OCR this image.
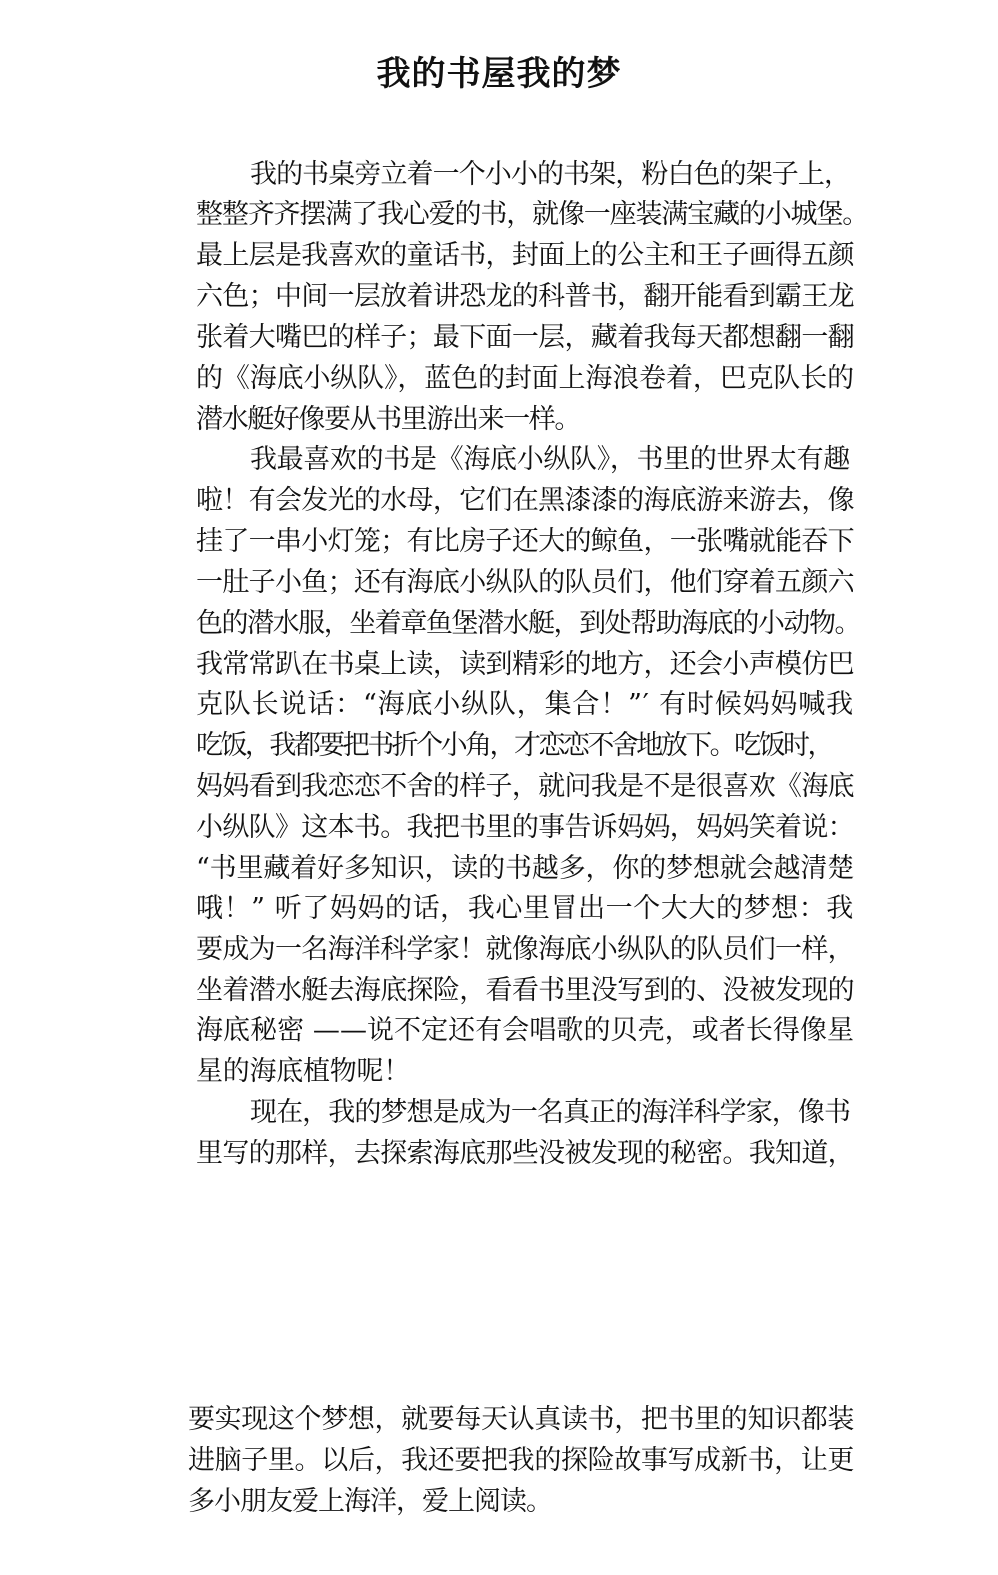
我的书屋我的梦
我的书桌旁立着一个小小的书架，粉白色的架子上，
整整齐齐摆满了我心爱的书，就像一座装满宝藏的小城堡。
最上层是我喜欢的童话书，封面上的公主和王子画得五颜
六色；中间一层放着讲恐龙的科普书，翻开能看到霸王龙
张着大嘴巴的样子；最下面一层，藏着我每天都想翻一翻
的《海底小纵队》，蓝色的封面上海浪卷着，巴克队长的
潜水艇好像要从书里游出来一样。
我最喜欢的书是《海底小纵队》，书里的世界太有趣
啦！有会发光的水母，它们在黑漆漆的海底游来游去，像
挂了一串小灯笼；有比房子还大的鲸鱼，一张嘴就能吞下
一肚子小鱼；还有海底小纵队的队员们，他们穿着五颜六
色的潜水服，坐着章鱼堡潜水艇，到处帮助海底的小动物。
我常常趴在书桌上读，读到精彩的地方，还会小声模仿巴
克队长说话：“海底小纵队，集合！”′ 有时候妈妈喊我
吃饭，我都要把书折个小角，才恋恋不舍地放下。吃饭时，
妈妈看到我恋恋不舍的样子，就问我是不是很喜欢《海底
小纵队》这本书。我把书里的事告诉妈妈，妈妈笑着说：
“书里藏着好多知识，读的书越多，你的梦想就会越清楚
哦！” 听了妈妈的话，我心里冒出一个大大的梦想：我
要成为一名海洋科学家！就像海底小纵队的队员们一样，
坐着潜水艇去海底探险，看看书里没写到的、没被发现的
海底秘密 ——说不定还有会唱歌的贝壳，或者长得像星
星的海底植物呢！
现在，我的梦想是成为一名真正的海洋科学家，像书
里写的那样，去探索海底那些没被发现的秘密。我知道，
要实现这个梦想，就要每天认真读书，把书里的知识都装
进脑子里。以后，我还要把我的探险故事写成新书，让更
多小朋友爱上海洋，爱上阅读。
